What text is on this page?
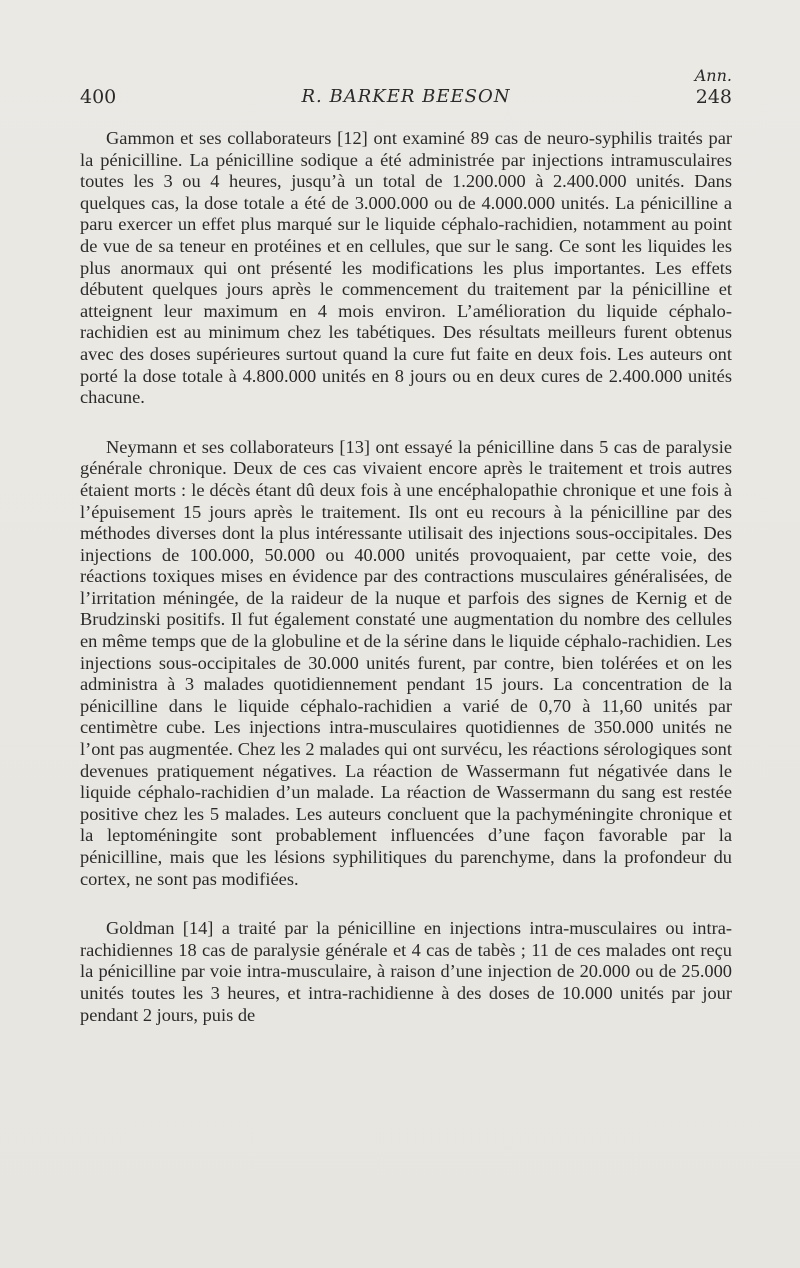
400	R. BARKER BEESON
Ann.
248

Gammon et ses collaborateurs [12] ont examiné 89 cas de neuro-syphilis traités par la pénicilline. La pénicilline sodique a été administrée par injections intramusculaires toutes les 3 ou 4 heures, jusqu’à un total de 1.200.000 à 2.400.000 unités. Dans quelques cas, la dose totale a été de 3.000.000 ou de 4.000.000 unités. La pénicilline a paru exercer un effet plus marqué sur le liquide céphalo-rachidien, notamment au point de vue de sa teneur en protéines et en cellules, que sur le sang. Ce sont les liquides les plus anormaux qui ont présenté les modifications les plus importantes. Les effets débutent quelques jours après le commencement du traitement par la pénicilline et atteignent leur maximum en 4 mois environ. L’amélioration du liquide céphalo-rachidien est au minimum chez les tabétiques. Des résultats meilleurs furent obtenus avec des doses supérieures surtout quand la cure fut faite en deux fois. Les auteurs ont porté la dose totale à 4.800.000 unités en 8 jours ou en deux cures de 2.400.000 unités chacune.

Neymann et ses collaborateurs [13] ont essayé la pénicilline dans 5 cas de paralysie générale chronique. Deux de ces cas vivaient encore après le traitement et trois autres étaient morts : le décès étant dû deux fois à une encéphalopathie chronique et une fois à l’épuisement 15 jours après le traitement. Ils ont eu recours à la pénicilline par des méthodes diverses dont la plus intéressante utilisait des injections sous-occipitales. Des injections de 100.000, 50.000 ou 40.000 unités provoquaient, par cette voie, des réactions toxiques mises en évidence par des contractions musculaires généralisées, de l’irritation méningée, de la raideur de la nuque et parfois des signes de Kernig et de Brudzinski positifs. Il fut également constaté une augmentation du nombre des cellules en même temps que de la globuline et de la sérine dans le liquide céphalo-rachidien. Les injections sous-occipitales de 30.000 unités furent, par contre, bien tolérées et on les administra à 3 malades quotidiennement pendant 15 jours. La concentration de la pénicilline dans le liquide céphalo-rachidien a varié de 0,70 à 11,60 unités par centimètre cube. Les injections intra-musculaires quotidiennes de 350.000 unités ne l’ont pas augmentée. Chez les 2 malades qui ont survécu, les réactions sérologiques sont devenues pratiquement négatives. La réaction de Wassermann fut négativée dans le liquide céphalo-rachidien d’un malade. La réaction de Wassermann du sang est restée positive chez les 5 malades. Les auteurs concluent que la pachyméningite chronique et la leptoméningite sont probablement influencées d’une façon favorable par la pénicilline, mais que les lésions syphilitiques du parenchyme, dans la profondeur du cortex, ne sont pas modifiées.

Goldman [14] a traité par la pénicilline en injections intra-musculaires ou intra-rachidiennes 18 cas de paralysie générale et 4 cas de tabès ; 11 de ces malades ont reçu la pénicilline par voie intra-musculaire, à raison d’une injection de 20.000 ou de 25.000 unités toutes les 3 heures, et intra-rachidienne à des doses de 10.000 unités par jour pendant 2 jours, puis de
